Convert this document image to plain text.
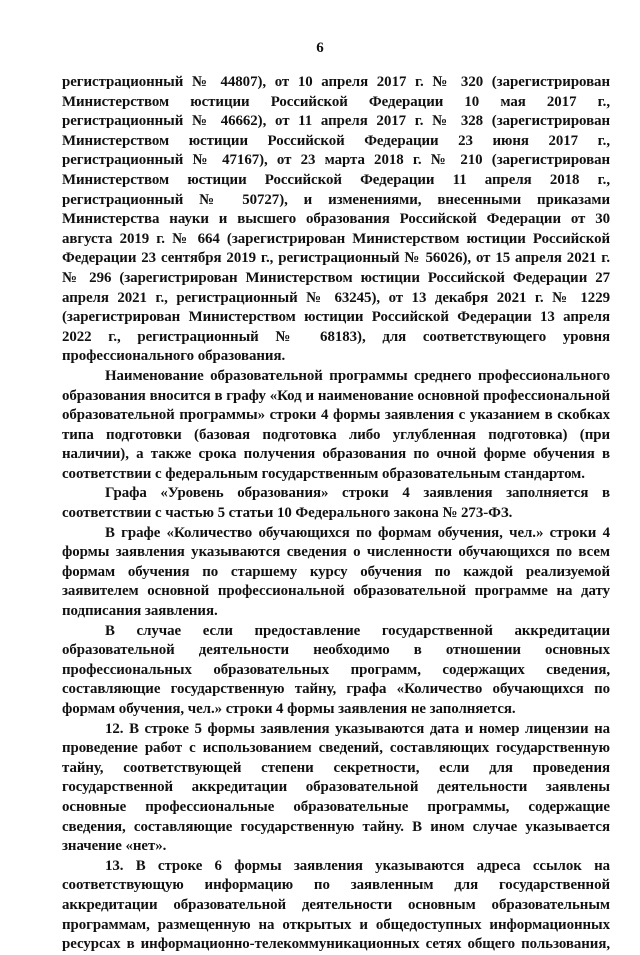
6

регистрационный № 44807), от 10 апреля 2017 г. № 320 (зарегистрирован Министерством юстиции Российской Федерации 10 мая 2017 г., регистрационный № 46662), от 11 апреля 2017 г. № 328 (зарегистрирован Министерством юстиции Российской Федерации 23 июня 2017 г., регистрационный № 47167), от 23 марта 2018 г. № 210 (зарегистрирован Министерством юстиции Российской Федерации 11 апреля 2018 г., регистрационный № 50727), и изменениями, внесенными приказами Министерства науки и высшего образования Российской Федерации от 30 августа 2019 г. № 664 (зарегистрирован Министерством юстиции Российской Федерации 23 сентября 2019 г., регистрационный № 56026), от 15 апреля 2021 г. № 296 (зарегистрирован Министерством юстиции Российской Федерации 27 апреля 2021 г., регистрационный № 63245), от 13 декабря 2021 г. № 1229 (зарегистрирован Министерством юстиции Российской Федерации 13 апреля 2022 г., регистрационный № 68183), для соответствующего уровня профессионального образования.

Наименование образовательной программы среднего профессионального образования вносится в графу «Код и наименование основной профессиональной образовательной программы» строки 4 формы заявления с указанием в скобках типа подготовки (базовая подготовка либо углубленная подготовка) (при наличии), а также срока получения образования по очной форме обучения в соответствии с федеральным государственным образовательным стандартом.

Графа «Уровень образования» строки 4 заявления заполняется в соответствии с частью 5 статьи 10 Федерального закона № 273-ФЗ.

В графе «Количество обучающихся по формам обучения, чел.» строки 4 формы заявления указываются сведения о численности обучающихся по всем формам обучения по старшему курсу обучения по каждой реализуемой заявителем основной профессиональной образовательной программе на дату подписания заявления.

В случае если предоставление государственной аккредитации образовательной деятельности необходимо в отношении основных профессиональных образовательных программ, содержащих сведения, составляющие государственную тайну, графа «Количество обучающихся по формам обучения, чел.» строки 4 формы заявления не заполняется.

12. В строке 5 формы заявления указываются дата и номер лицензии на проведение работ с использованием сведений, составляющих государственную тайну, соответствующей степени секретности, если для проведения государственной аккредитации образовательной деятельности заявлены основные профессиональные образовательные программы, содержащие сведения, составляющие государственную тайну. В ином случае указывается значение «нет».

13. В строке 6 формы заявления указываются адреса ссылок на соответствующую информацию по заявленным для государственной аккредитации образовательной деятельности основным образовательным программам, размещенную на открытых и общедоступных информационных ресурсах в информационно-телекоммуникационных сетях общего пользования,
